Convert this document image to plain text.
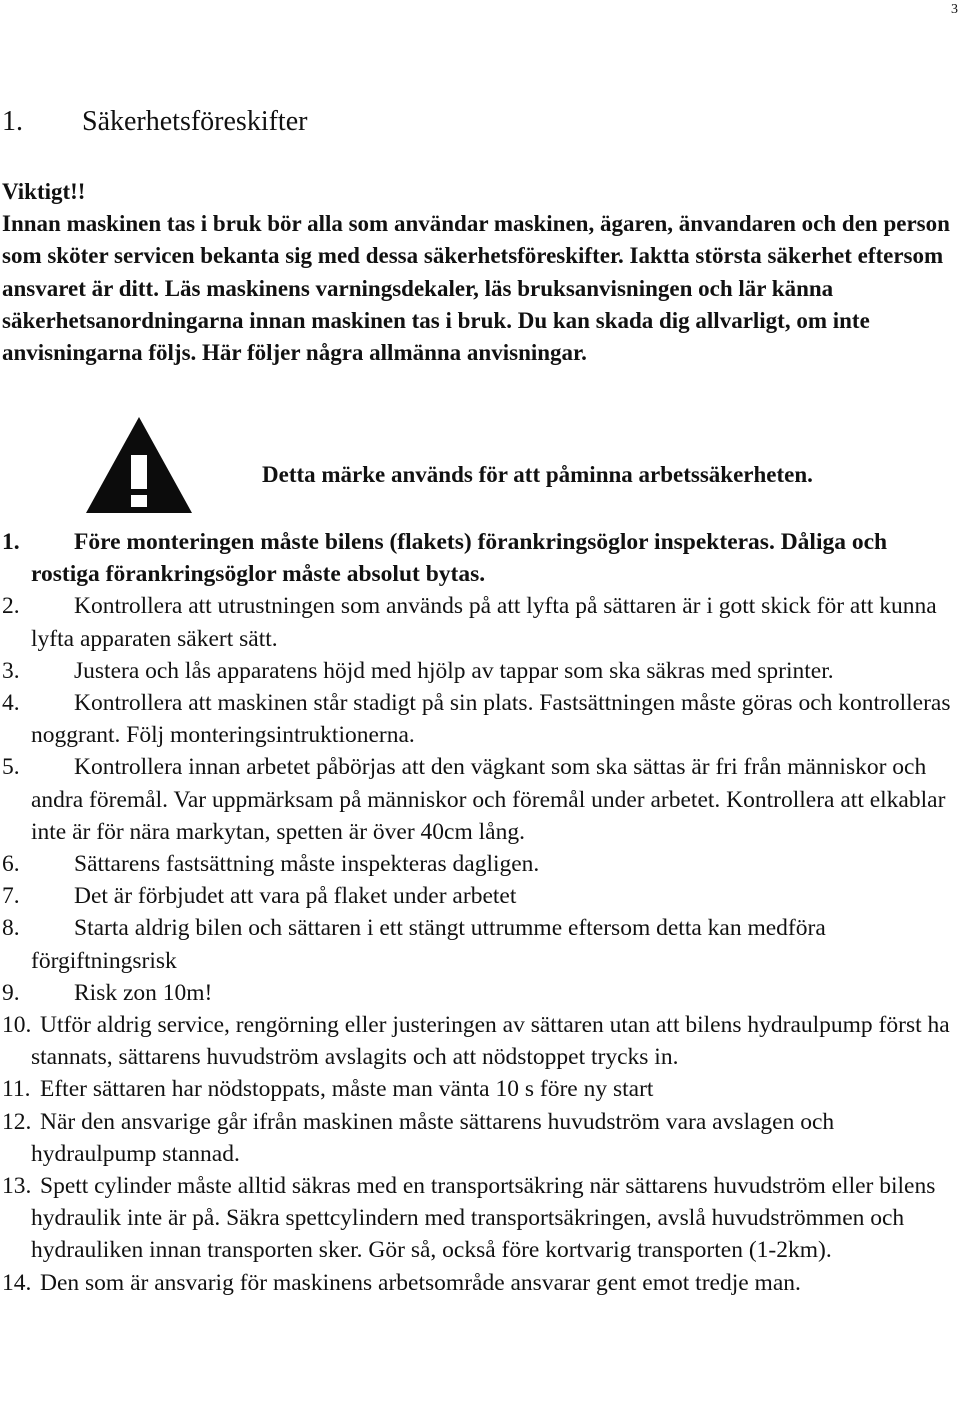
3
1.	Säkerhetsföreskifter

Viktigt!!

Innan maskinen tas i bruk bör alla som användar maskinen, ägaren, änvandaren och den person som sköter servicen bekanta sig med dessa säkerhetsföreskifter. Iaktta största säkerhet eftersom ansvaret är ditt. Läs maskinens varningsdekaler, läs bruksanvisningen och lär känna säkerhetsanordningarna innan maskinen tas i bruk. Du kan skada dig allvarligt, om inte anvisningarna följs. Här följer några allmänna anvisningar.

Detta märke används för att påminna arbetssäkerheten.
1. Före monteringen måste bilens (flakets) förankringsöglor inspekteras. Dåliga och rostiga förankringsöglor måste absolut bytas.
2. Kontrollera att utrustningen som används på att lyfta på sättaren är i gott skick för att kunna lyfta apparaten säkert sätt.
3. Justera och lås apparatens höjd med hjölp av tappar som ska säkras med sprinter.
4. Kontrollera att maskinen står stadigt på sin plats. Fastsättningen måste göras och kontrolleras noggrant. Följ monteringsintruktionerna.
5. Kontrollera innan arbetet påbörjas att den vägkant som ska sättas är fri från människor och andra föremål. Var uppmärksam på människor och föremål under arbetet. Kontrollera att elkablar inte är för nära markytan, spetten är över 40cm lång.
6. Sättarens fastsättning måste inspekteras dagligen.
7. Det är förbjudet att vara på flaket under arbetet
8. Starta aldrig bilen och sättaren i ett stängt uttrumme eftersom detta kan medföra förgiftningsrisk
9. Risk zon 10m!
10. Utför aldrig service, rengörning eller justeringen av sättaren utan att bilens hydraulpump först ha stannats, sättarens huvudström avslagits och att nödstoppet trycks in.
11. Efter sättaren har nödstoppats, måste man vänta 10 s före ny start
12. När den ansvarige går ifrån maskinen måste sättarens huvudström vara avslagen och hydraulpump stannad.
13. Spett cylinder måste alltid säkras med en transportsäkring när sättarens huvudström eller bilens hydraulik inte är på. Säkra spettcylindern med transportsäkringen, avslå huvudströmmen och hydrauliken innan transporten sker. Gör så, också före kortvarig transporten (1-2km).
14. Den som är ansvarig för maskinens arbetsområde ansvarar gent emot tredje man.
